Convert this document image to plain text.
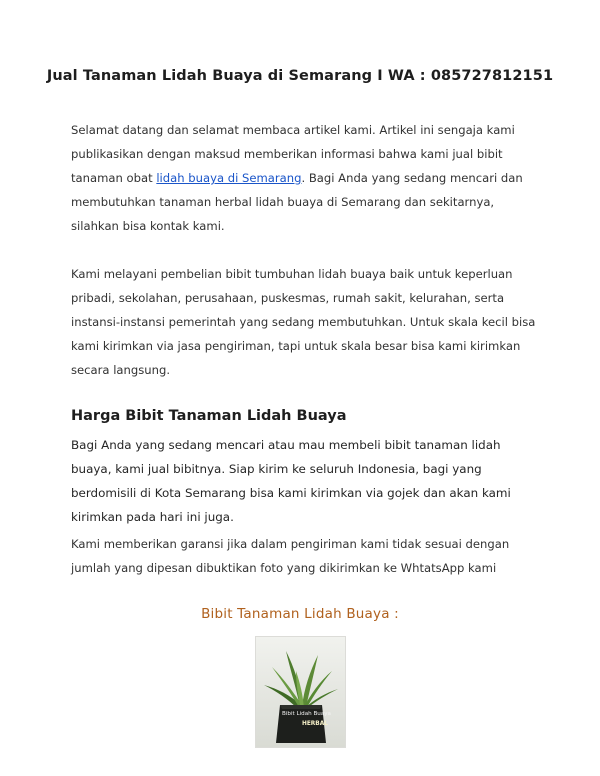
Jual Tanaman Lidah Buaya di Semarang I WA : 085727812151

Selamat datang dan selamat membaca artikel kami. Artikel ini sengaja kami publikasikan dengan maksud memberikan informasi bahwa kami jual bibit tanaman obat lidah buaya di Semarang. Bagi Anda yang sedang mencari dan membutuhkan tanaman herbal lidah buaya di Semarang dan sekitarnya, silahkan bisa kontak kami.

Kami melayani pembelian bibit tumbuhan lidah buaya baik untuk keperluan pribadi, sekolahan, perusahaan, puskesmas, rumah sakit, kelurahan, serta instansi-instansi pemerintah yang sedang membutuhkan. Untuk skala kecil bisa kami kirimkan via jasa pengiriman, tapi untuk skala besar bisa kami kirimkan secara langsung.

Harga Bibit Tanaman Lidah Buaya

Bagi Anda yang sedang mencari atau mau membeli bibit tanaman lidah buaya, kami jual bibitnya. Siap kirim ke seluruh Indonesia, bagi yang berdomisili di Kota Semarang bisa kami kirimkan via gojek dan akan kami kirimkan pada hari ini juga.

Kami memberikan garansi jika dalam pengiriman kami tidak sesuai dengan jumlah yang dipesan dibuktikan foto yang dikirimkan ke WhtatsApp kami

Bibit Tanaman Lidah Buaya :
Bibit Lidah Buaya
HERBAL
